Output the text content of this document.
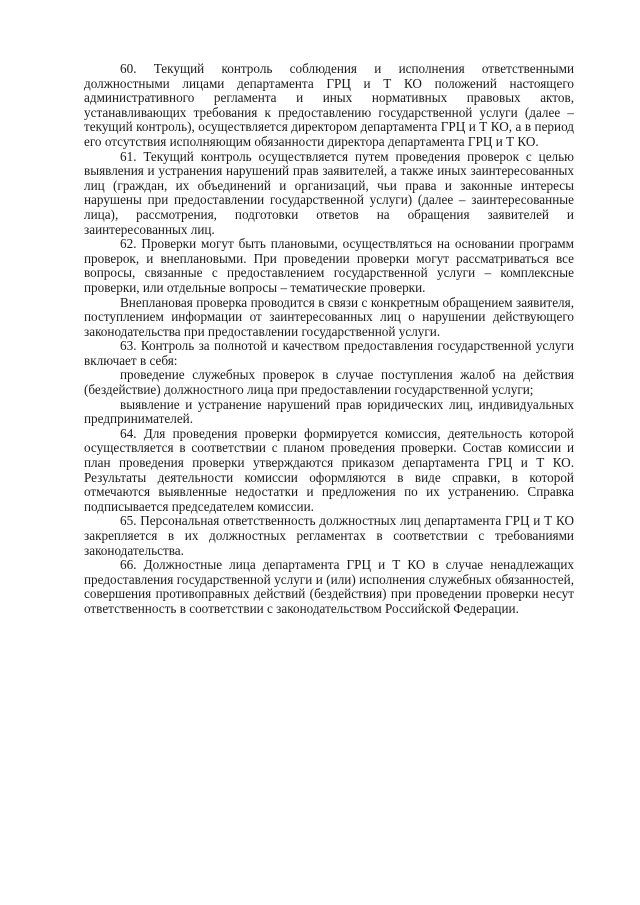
60. Текущий контроль соблюдения и исполнения ответственными должностными лицами департамента ГРЦ и Т КО положений настоящего административного регламента и иных нормативных правовых актов, устанавливающих требования к предоставлению государственной услуги (далее – текущий контроль), осуществляется директором департамента ГРЦ и Т КО, а в период его отсутствия исполняющим обязанности директора департамента ГРЦ и Т КО.

61. Текущий контроль осуществляется путем проведения проверок с целью выявления и устранения нарушений прав заявителей, а также иных заинтересованных лиц (граждан, их объединений и организаций, чьи права и законные интересы нарушены при предоставлении государственной услуги) (далее – заинтересованные лица), рассмотрения, подготовки ответов на обращения заявителей и заинтересованных лиц.

62. Проверки могут быть плановыми, осуществляться на основании программ проверок, и внеплановыми. При проведении проверки могут рассматриваться все вопросы, связанные с предоставлением государственной услуги – комплексные проверки, или отдельные вопросы – тематические проверки.

Внеплановая проверка проводится в связи с конкретным обращением заявителя, поступлением информации от заинтересованных лиц о нарушении действующего законодательства при предоставлении государственной услуги.

63. Контроль за полнотой и качеством предоставления государственной услуги включает в себя:

проведение служебных проверок в случае поступления жалоб на действия (бездействие) должностного лица при предоставлении государственной услуги;

выявление и устранение нарушений прав юридических лиц, индивидуальных предпринимателей.

64. Для проведения проверки формируется комиссия, деятельность которой осуществляется в соответствии с планом проведения проверки. Состав комиссии и план проведения проверки утверждаются приказом департамента ГРЦ и Т КО. Результаты деятельности комиссии оформляются в виде справки, в которой отмечаются выявленные недостатки и предложения по их устранению. Справка подписывается председателем комиссии.

65. Персональная ответственность должностных лиц департамента ГРЦ и Т КО закрепляется в их должностных регламентах в соответствии с требованиями законодательства.

66. Должностные лица департамента ГРЦ и Т КО в случае ненадлежащих предоставления государственной услуги и (или) исполнения служебных обязанностей, совершения противоправных действий (бездействия) при проведении проверки несут ответственность в соответствии с законодательством Российской Федерации.
